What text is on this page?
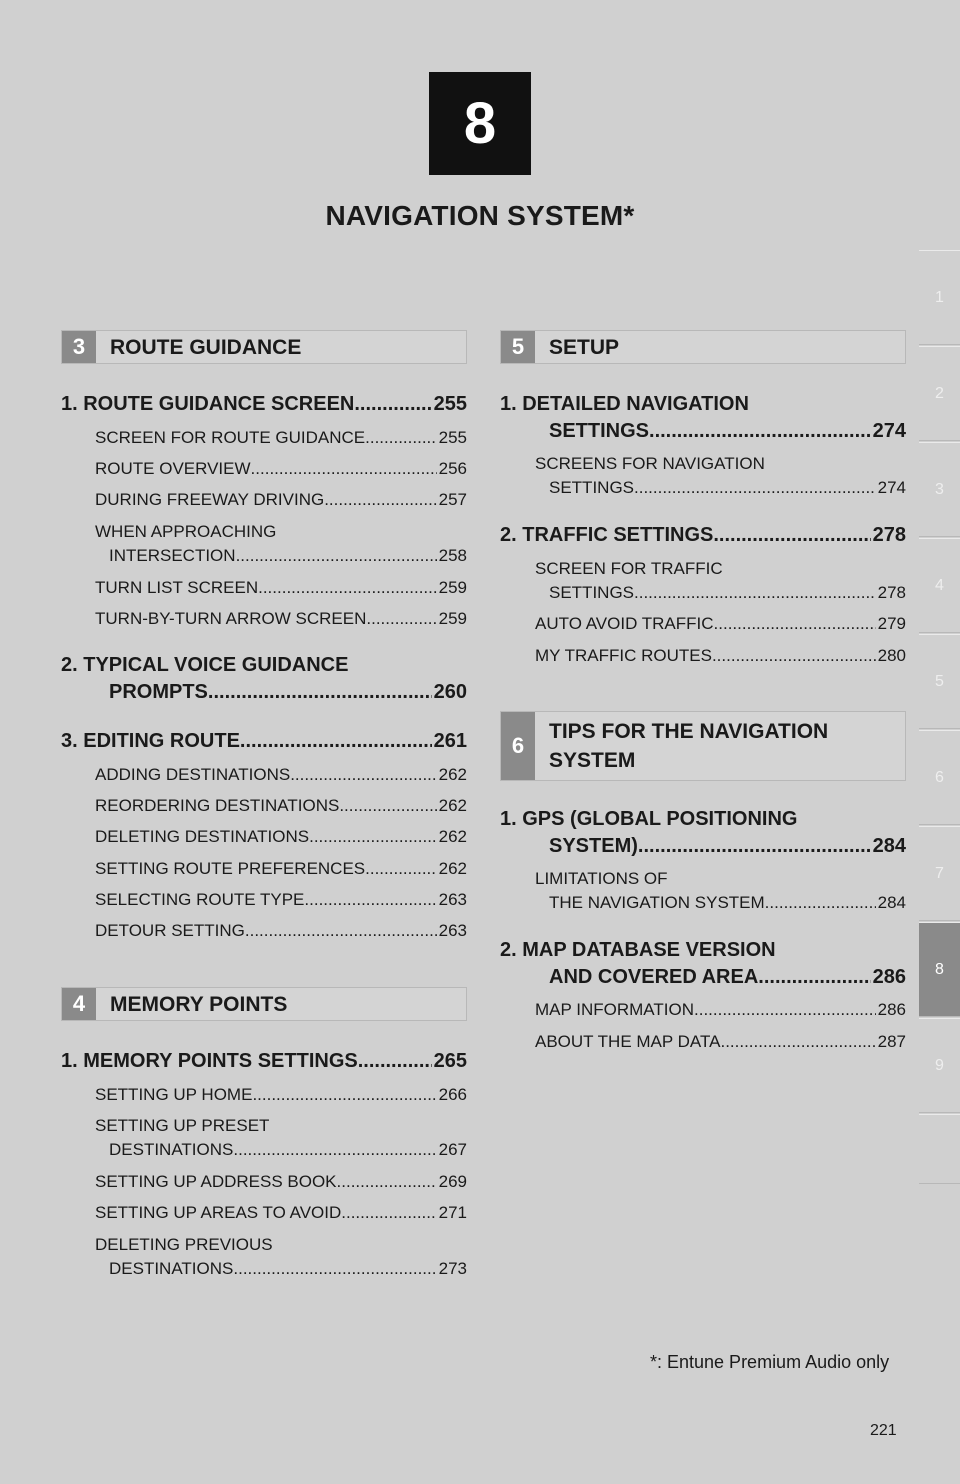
8
NAVIGATION SYSTEM*
1
2
3
4
5
6
7
8
9
3	ROUTE GUIDANCE
1. ROUTE GUIDANCE SCREEN .....	255
SCREEN FOR ROUTE GUIDANCE .....	255
ROUTE OVERVIEW .....	256
DURING FREEWAY DRIVING .....	257
WHEN APPROACHING
INTERSECTION .....	258
TURN LIST SCREEN .....	259
TURN-BY-TURN ARROW SCREEN .....	259
2. TYPICAL VOICE GUIDANCE
PROMPTS .....	260
3. EDITING ROUTE .....	261
ADDING DESTINATIONS .....	262
REORDERING DESTINATIONS .....	262
DELETING DESTINATIONS .....	262
SETTING ROUTE PREFERENCES .....	262
SELECTING ROUTE TYPE .....	263
DETOUR SETTING .....	263
4	MEMORY POINTS
1. MEMORY POINTS SETTINGS .....	265
SETTING UP HOME .....	266
SETTING UP PRESET
DESTINATIONS .....	267
SETTING UP ADDRESS BOOK .....	269
SETTING UP AREAS TO AVOID .....	271
DELETING PREVIOUS
DESTINATIONS .....	273
5	SETUP
1. DETAILED NAVIGATION
SETTINGS .....	274
SCREENS FOR NAVIGATION
SETTINGS .....	274
2. TRAFFIC SETTINGS .....	278
SCREEN FOR TRAFFIC
SETTINGS .....	278
AUTO AVOID TRAFFIC .....	279
MY TRAFFIC ROUTES .....	280
6
TIPS FOR THE NAVIGATION
SYSTEM
1. GPS (GLOBAL POSITIONING
SYSTEM) .....	284
LIMITATIONS OF
THE NAVIGATION SYSTEM .....	284
2. MAP DATABASE VERSION
AND COVERED AREA .....	286
MAP INFORMATION .....	286
ABOUT THE MAP DATA .....	287
*: Entune Premium Audio only
221
